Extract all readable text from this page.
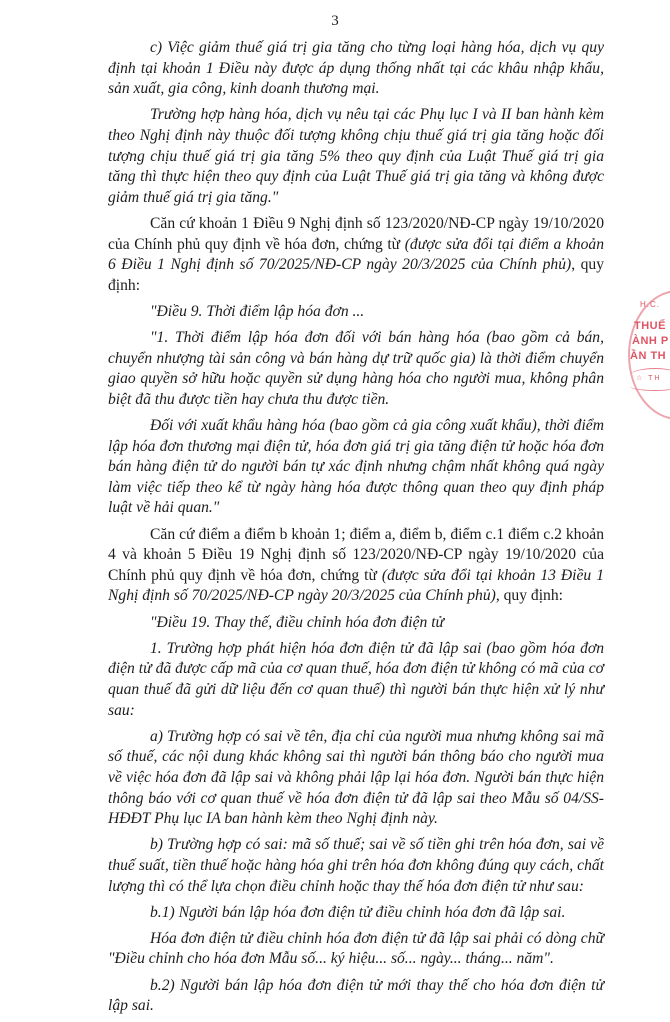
3

c) Việc giảm thuế giá trị gia tăng cho từng loại hàng hóa, dịch vụ quy định tại khoản 1 Điều này được áp dụng thống nhất tại các khâu nhập khẩu, sản xuất, gia công, kinh doanh thương mại.

Trường hợp hàng hóa, dịch vụ nêu tại các Phụ lục I và II ban hành kèm theo Nghị định này thuộc đối tượng không chịu thuế giá trị gia tăng hoặc đối tượng chịu thuế giá trị gia tăng 5% theo quy định của Luật Thuế giá trị gia tăng thì thực hiện theo quy định của Luật Thuế giá trị gia tăng và không được giảm thuế giá trị gia tăng."

Căn cứ khoản 1 Điều 9 Nghị định số 123/2020/NĐ-CP ngày 19/10/2020 của Chính phủ quy định về hóa đơn, chứng từ (được sửa đổi tại điểm a khoản 6 Điều 1 Nghị định số 70/2025/NĐ-CP ngày 20/3/2025 của Chính phủ), quy định:

"Điều 9. Thời điểm lập hóa đơn ...

"1. Thời điểm lập hóa đơn đối với bán hàng hóa (bao gồm cả bán, chuyển nhượng tài sản công và bán hàng dự trữ quốc gia) là thời điểm chuyển giao quyền sở hữu hoặc quyền sử dụng hàng hóa cho người mua, không phân biệt đã thu được tiền hay chưa thu được tiền.

Đối với xuất khẩu hàng hóa (bao gồm cả gia công xuất khẩu), thời điểm lập hóa đơn thương mại điện tử, hóa đơn giá trị gia tăng điện tử hoặc hóa đơn bán hàng điện tử do người bán tự xác định nhưng chậm nhất không quá ngày làm việc tiếp theo kể từ ngày hàng hóa được thông quan theo quy định pháp luật về hải quan."

Căn cứ điểm a điểm b khoản 1; điểm a, điểm b, điểm c.1 điểm c.2 khoản 4 và khoản 5 Điều 19 Nghị định số 123/2020/NĐ-CP ngày 19/10/2020 của Chính phủ quy định về hóa đơn, chứng từ (được sửa đổi tại khoản 13 Điều 1 Nghị định số 70/2025/NĐ-CP ngày 20/3/2025 của Chính phủ), quy định:

"Điều 19. Thay thế, điều chỉnh hóa đơn điện tử

1. Trường hợp phát hiện hóa đơn điện tử đã lập sai (bao gồm hóa đơn điện tử đã được cấp mã của cơ quan thuế, hóa đơn điện tử không có mã của cơ quan thuế đã gửi dữ liệu đến cơ quan thuế) thì người bán thực hiện xử lý như sau:

a) Trường hợp có sai về tên, địa chỉ của người mua nhưng không sai mã số thuế, các nội dung khác không sai thì người bán thông báo cho người mua về việc hóa đơn đã lập sai và không phải lập lại hóa đơn. Người bán thực hiện thông báo với cơ quan thuế về hóa đơn điện tử đã lập sai theo Mẫu số 04/SS-HĐĐT Phụ lục IA ban hành kèm theo Nghị định này.

b) Trường hợp có sai: mã số thuế; sai về số tiền ghi trên hóa đơn, sai về thuế suất, tiền thuế hoặc hàng hóa ghi trên hóa đơn không đúng quy cách, chất lượng thì có thể lựa chọn điều chỉnh hoặc thay thế hóa đơn điện tử như sau:

b.1) Người bán lập hóa đơn điện tử điều chỉnh hóa đơn đã lập sai.

Hóa đơn điện tử điều chỉnh hóa đơn điện tử đã lập sai phải có dòng chữ "Điều chỉnh cho hóa đơn Mẫu số... ký hiệu... số... ngày... tháng... năm".

b.2) Người bán lập hóa đơn điện tử mới thay thế cho hóa đơn điện tử lập sai.

H.C.
THUẾ
ÀNH P
ẦN TH
☆ TH
